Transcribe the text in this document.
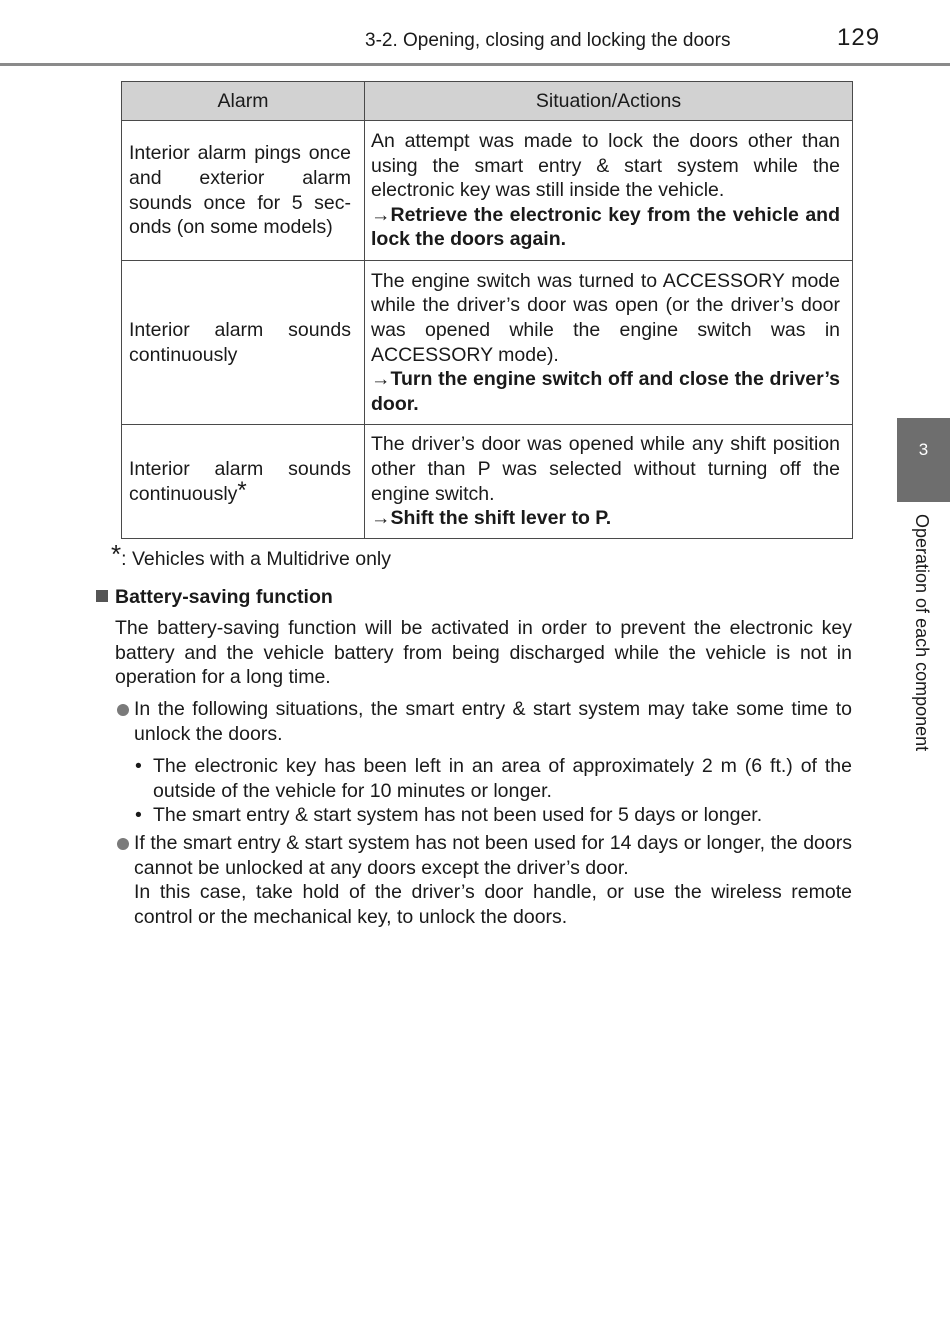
3-2. Opening, closing and locking the doors	129
3
Operation of each component
Alarm	Situation/Actions
Interior alarm pings once and exterior alarm sounds once for 5 seconds (on some models)	An attempt was made to lock the doors other than using the smart entry & start system while the electronic key was still inside the vehicle.
→Retrieve the electronic key from the vehicle and lock the doors again.
Interior alarm sounds continuously	The engine switch was turned to ACCESSORY mode while the driver’s door was open (or the driver’s door was opened while the engine switch was in ACCESSORY mode).
→Turn the engine switch off and close the driver’s door.
Interior alarm sounds continuously*	The driver’s door was opened while any shift position other than P was selected without turning off the engine switch.
→Shift the shift lever to P.
*: Vehicles with a Multidrive only
Battery-saving function
The battery-saving function will be activated in order to prevent the electronic key battery and the vehicle battery from being discharged while the vehicle is not in operation for a long time.
In the following situations, the smart entry & start system may take some time to unlock the doors.
• The electronic key has been left in an area of approximately 2 m (6 ft.) of the outside of the vehicle for 10 minutes or longer.
• The smart entry & start system has not been used for 5 days or longer.
If the smart entry & start system has not been used for 14 days or longer, the doors cannot be unlocked at any doors except the driver’s door.
In this case, take hold of the driver’s door handle, or use the wireless remote control or the mechanical key, to unlock the doors.
